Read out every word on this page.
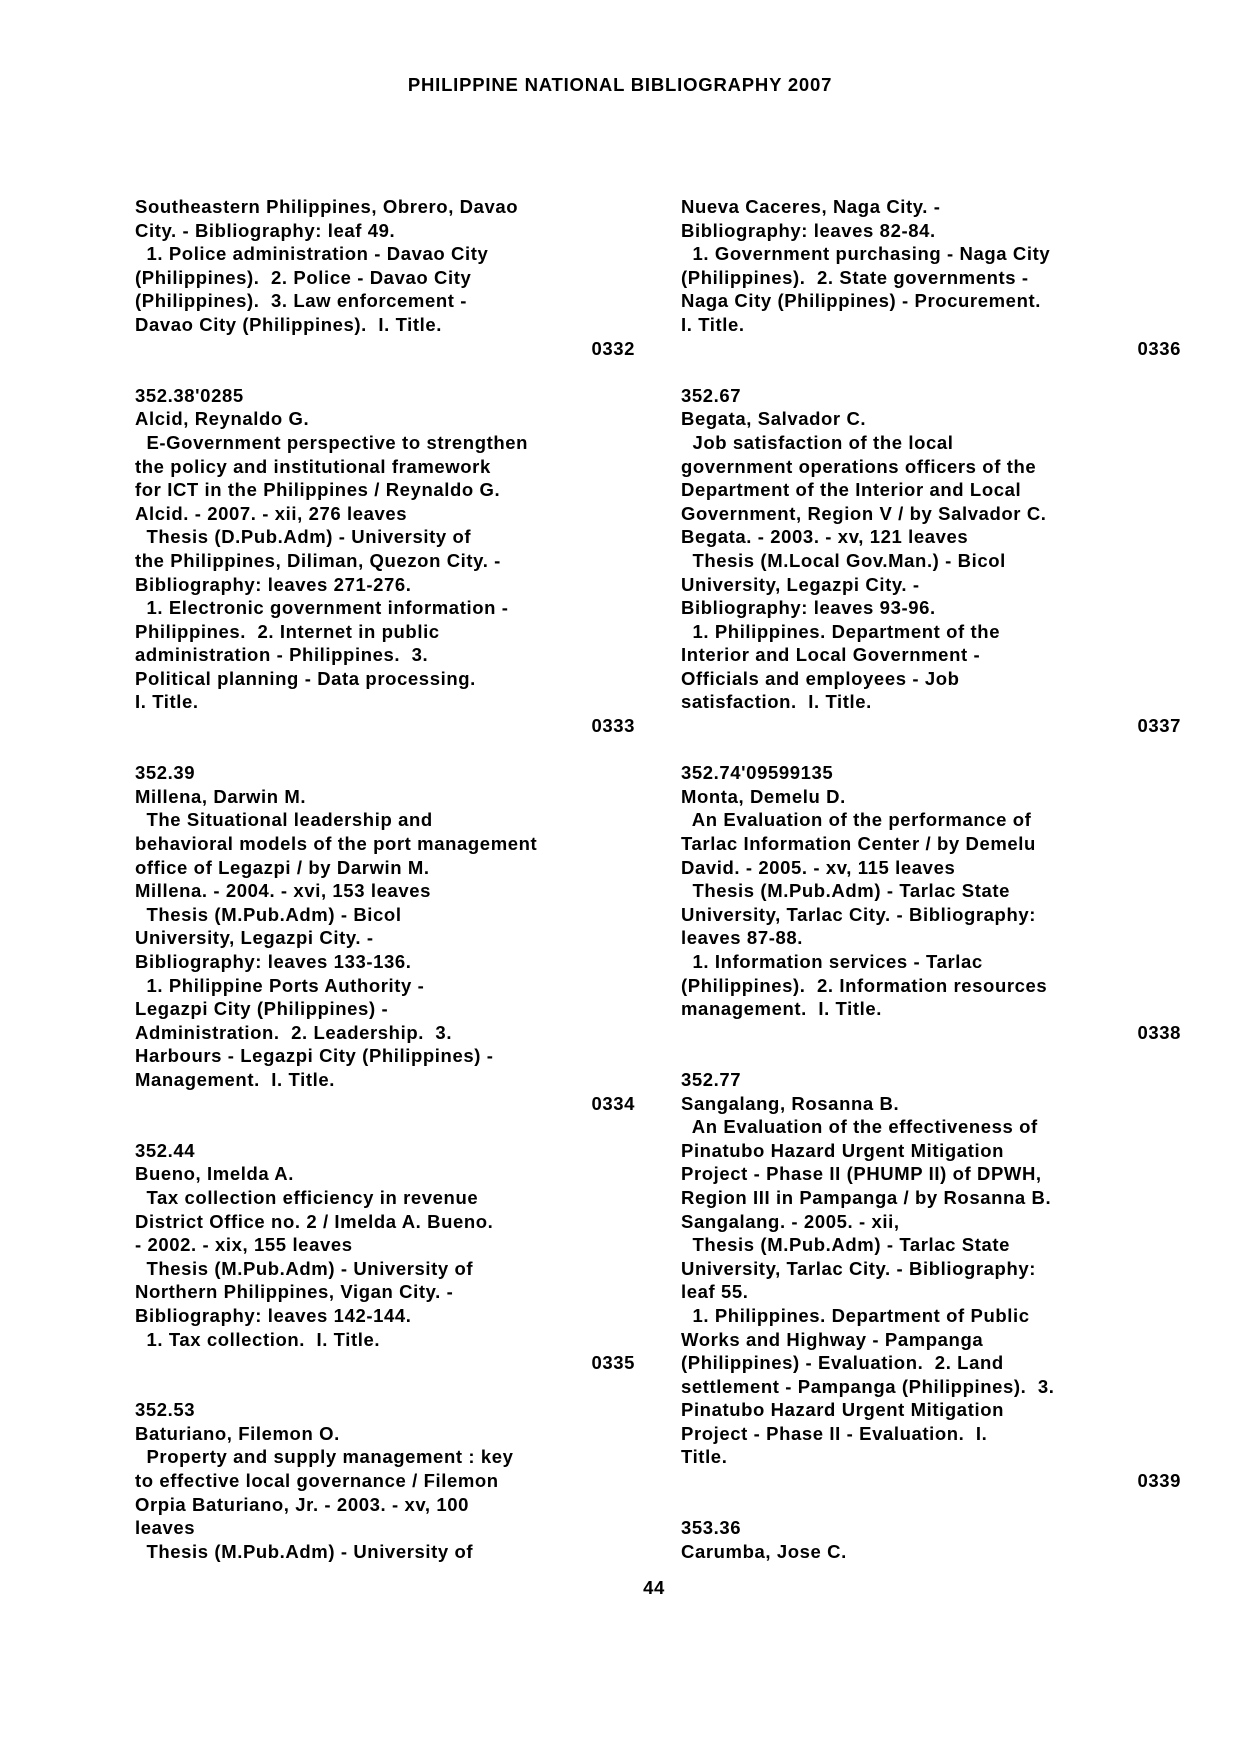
PHILIPPINE NATIONAL BIBLIOGRAPHY 2007
Southeastern Philippines, Obrero, Davao
City. - Bibliography: leaf 49.
1. Police administration - Davao City
(Philippines).  2. Police - Davao City
(Philippines).  3. Law enforcement -
Davao City (Philippines).  I. Title.
0332
352.38'0285
Alcid, Reynaldo G.
E-Government perspective to strengthen
the policy and institutional framework
for ICT in the Philippines / Reynaldo G.
Alcid. - 2007. - xii, 276 leaves
Thesis (D.Pub.Adm) - University of
the Philippines, Diliman, Quezon City. -
Bibliography: leaves 271-276.
1. Electronic government information -
Philippines.  2. Internet in public
administration - Philippines.  3.
Political planning - Data processing.
I. Title.
0333
352.39
Millena, Darwin M.
The Situational leadership and
behavioral models of the port management
office of Legazpi / by Darwin M.
Millena. - 2004. - xvi, 153 leaves
Thesis (M.Pub.Adm) - Bicol
University, Legazpi City. -
Bibliography: leaves 133-136.
1. Philippine Ports Authority -
Legazpi City (Philippines) -
Administration.  2. Leadership.  3.
Harbours - Legazpi City (Philippines) -
Management.  I. Title.
0334
352.44
Bueno, Imelda A.
Tax collection efficiency in revenue
District Office no. 2 / Imelda A. Bueno.
- 2002. - xix, 155 leaves
Thesis (M.Pub.Adm) - University of
Northern Philippines, Vigan City. -
Bibliography: leaves 142-144.
1. Tax collection.  I. Title.
0335
352.53
Baturiano, Filemon O.
Property and supply management : key
to effective local governance / Filemon
Orpia Baturiano, Jr. - 2003. - xv, 100
leaves
Thesis (M.Pub.Adm) - University of
Nueva Caceres, Naga City. -
Bibliography: leaves 82-84.
1. Government purchasing - Naga City
(Philippines).  2. State governments -
Naga City (Philippines) - Procurement.
I. Title.
0336
352.67
Begata, Salvador C.
Job satisfaction of the local
government operations officers of the
Department of the Interior and Local
Government, Region V / by Salvador C.
Begata. - 2003. - xv, 121 leaves
Thesis (M.Local Gov.Man.) - Bicol
University, Legazpi City. -
Bibliography: leaves 93-96.
1. Philippines. Department of the
Interior and Local Government -
Officials and employees - Job
satisfaction.  I. Title.
0337
352.74'09599135
Monta, Demelu D.
An Evaluation of the performance of
Tarlac Information Center / by Demelu
David. - 2005. - xv, 115 leaves
Thesis (M.Pub.Adm) - Tarlac State
University, Tarlac City. - Bibliography:
leaves 87-88.
1. Information services - Tarlac
(Philippines).  2. Information resources
management.  I. Title.
0338
352.77
Sangalang, Rosanna B.
An Evaluation of the effectiveness of
Pinatubo Hazard Urgent Mitigation
Project - Phase II (PHUMP II) of DPWH,
Region III in Pampanga / by Rosanna B.
Sangalang. - 2005. - xii,
Thesis (M.Pub.Adm) - Tarlac State
University, Tarlac City. - Bibliography:
leaf 55.
1. Philippines. Department of Public
Works and Highway - Pampanga
(Philippines) - Evaluation.  2. Land
settlement - Pampanga (Philippines).  3.
Pinatubo Hazard Urgent Mitigation
Project - Phase II - Evaluation.  I.
Title.
0339
353.36
Carumba, Jose C.
44
